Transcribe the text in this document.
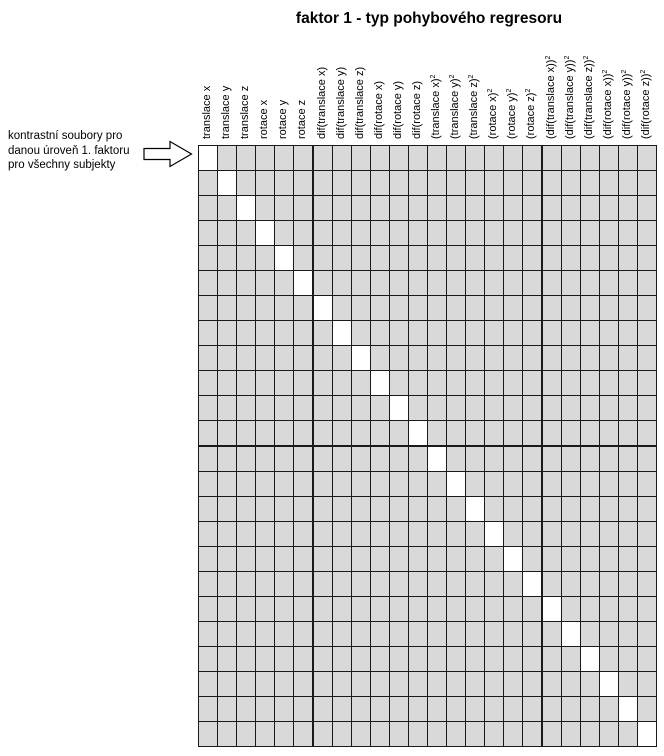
faktor 1 - typ pohybového regresoru
kontrastní soubory pro
danou úroveň 1. faktoru
pro všechny subjekty
translace x translace y translace z rotace x rotace y rotace z dif(translace x) dif(translace y) dif(translace z) dif(rotace x) dif(rotace y) dif(rotace z) (translace x)$^2$
(translace y)$^2$
(translace z)$^2$
(rotace x)$^2$
(rotace y)$^2$
(rotace z)$^2$	(dif(translace x))$^2$
(dif(translace y))$^2$
(dif(translace z))$^2$
(dif(rotace x))$^2$
(dif(rotace y))$^2$
(dif(rotace z))$^2$
